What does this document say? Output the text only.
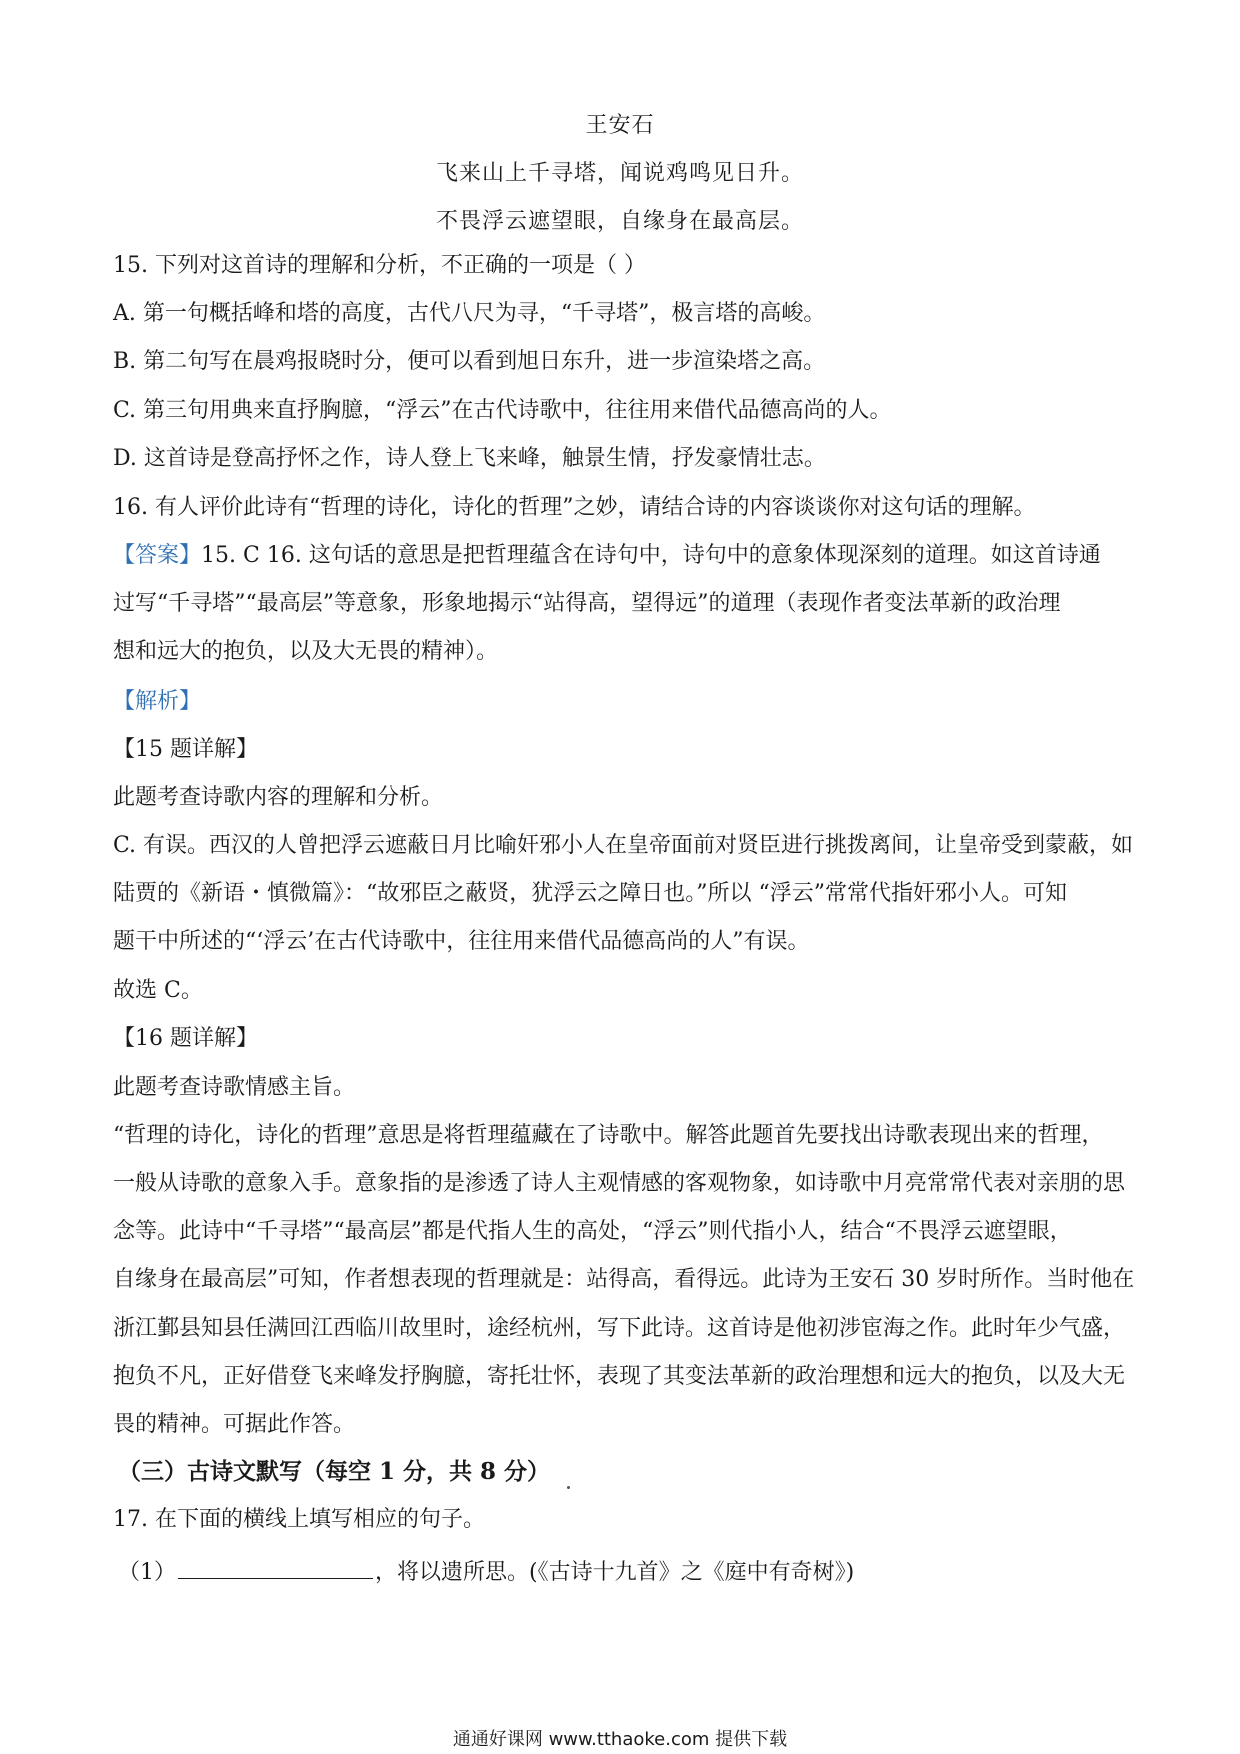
王安石
飞来山上千寻塔，闻说鸡鸣见日升。
不畏浮云遮望眼，自缘身在最高层。
15. 下列对这首诗的理解和分析，不正确的一项是（ ）
A. 第一句概括峰和塔的高度，古代八尺为寻，“千寻塔”，极言塔的高峻。
B. 第二句写在晨鸡报晓时分，便可以看到旭日东升，进一步渲染塔之高。
C. 第三句用典来直抒胸臆，“浮云”在古代诗歌中，往往用来借代品德高尚的人。
D. 这首诗是登高抒怀之作，诗人登上飞来峰，触景生情，抒发豪情壮志。
16. 有人评价此诗有“哲理的诗化，诗化的哲理”之妙，请结合诗的内容谈谈你对这句话的理解。
【答案】15. C 16. 这句话的意思是把哲理蕴含在诗句中，诗句中的意象体现深刻的道理。如这首诗通
过写“千寻塔”“最高层”等意象，形象地揭示“站得高，望得远”的道理（表现作者变法革新的政治理
想和远大的抱负，以及大无畏的精神）。
【解析】
【15 题详解】
此题考查诗歌内容的理解和分析。
C. 有误。西汉的人曾把浮云遮蔽日月比喻奸邪小人在皇帝面前对贤臣进行挑拨离间，让皇帝受到蒙蔽，如
陆贾的《新语・慎微篇》：“故邪臣之蔽贤，犹浮云之障日也。”所以 “浮云”常常代指奸邪小人。可知
题干中所述的“‘浮云’在古代诗歌中，往往用来借代品德高尚的人”有误。
故选 C。
【16 题详解】
此题考查诗歌情感主旨。
“哲理的诗化，诗化的哲理”意思是将哲理蕴藏在了诗歌中。解答此题首先要找出诗歌表现出来的哲理，
一般从诗歌的意象入手。意象指的是渗透了诗人主观情感的客观物象，如诗歌中月亮常常代表对亲朋的思
念等。此诗中“千寻塔”“最高层”都是代指人生的高处，“浮云”则代指小人，结合“不畏浮云遮望眼，
自缘身在最高层”可知，作者想表现的哲理就是：站得高，看得远。此诗为王安石 30 岁时所作。当时他在
浙江鄞县知县任满回江西临川故里时，途经杭州，写下此诗。这首诗是他初涉宦海之作。此时年少气盛，
抱负不凡，正好借登飞来峰发抒胸臆，寄托壮怀，表现了其变法革新的政治理想和远大的抱负，以及大无
畏的精神。可据此作答。
（三）古诗文默写（每空 1 分，共 8 分）
17. 在下面的横线上填写相应的句子。
（1）	，将以遗所思。(《古诗十九首》之《庭中有奇树》)
通通好课网 www.tthaoke.com 提供下载
